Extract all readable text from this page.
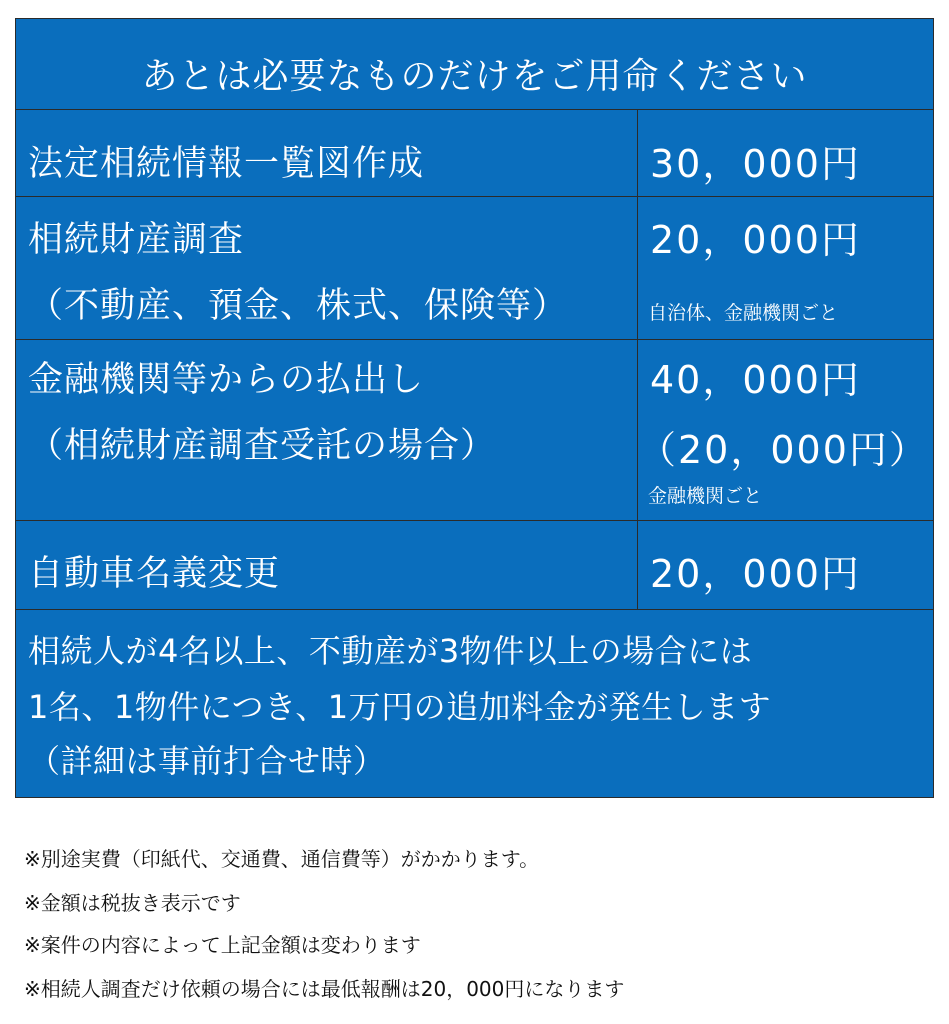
あとは必要なものだけをご用命ください
法定相続情報一覧図作成	30，000円
相続財産調査
（不動産、預金、株式、保険等）
20，000円
自治体、金融機関ごと
金融機関等からの払出し
（相続財産調査受託の場合）
40，000円
（20，000円）
金融機関ごと
自動車名義変更	20，000円
相続人が4名以上、不動産が3物件以上の場合には
1名、1物件につき、1万円の追加料金が発生します
（詳細は事前打合せ時）
※別途実費（印紙代、交通費、通信費等）がかかります。
※金額は税抜き表示です
※案件の内容によって上記金額は変わります
※相続人調査だけ依頼の場合には最低報酬は20，000円になります
